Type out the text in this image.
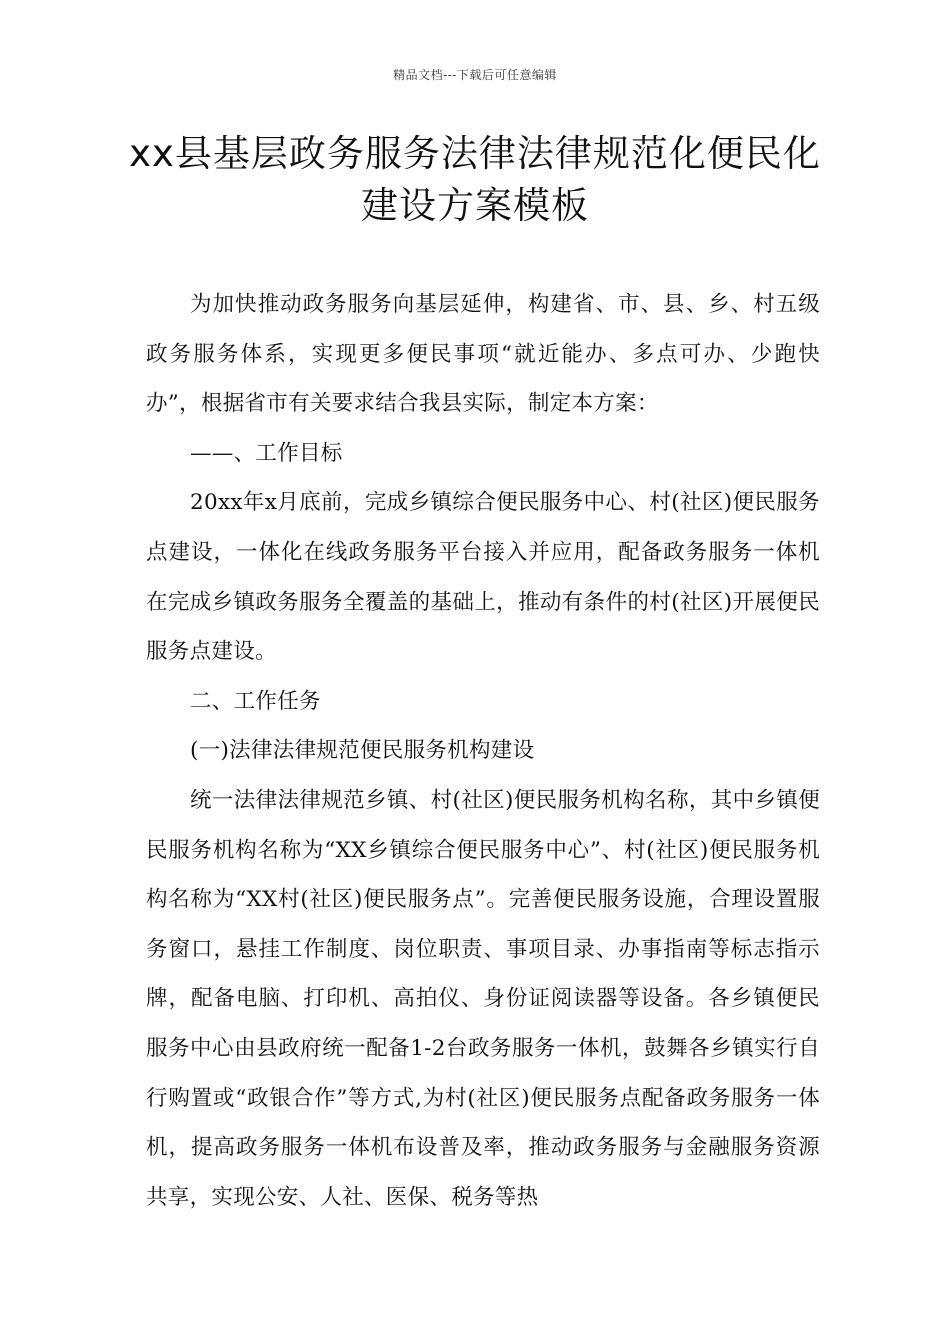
精品文档---下载后可任意编辑
xx县基层政务服务法律法律规范化便民化建设方案模板

为加快推动政务服务向基层延伸，构建省、市、县、乡、村五级政务服务体系，实现更多便民事项“就近能办、多点可办、少跑快办”，根据省市有关要求结合我县实际，制定本方案：

——、工作目标

20xx年x月底前，完成乡镇综合便民服务中心、村(社区)便民服务点建设，一体化在线政务服务平台接入并应用，配备政务服务一体机在完成乡镇政务服务全覆盖的基础上，推动有条件的村(社区)开展便民服务点建设。

二、工作任务

(一)法律法律规范便民服务机构建设

统一法律法律规范乡镇、村(社区)便民服务机构名称，其中乡镇便民服务机构名称为“XX乡镇综合便民服务中心”、村(社区)便民服务机构名称为“XX村(社区)便民服务点”。完善便民服务设施，合理设置服务窗口，悬挂工作制度、岗位职责、事项目录、办事指南等标志指示牌，配备电脑、打印机、高拍仪、身份证阅读器等设备。各乡镇便民服务中心由县政府统一配备1-2台政务服务一体机，鼓舞各乡镇实行自行购置或“政银合作”等方式,为村(社区)便民服务点配备政务服务一体机，提高政务服务一体机布设普及率，推动政务服务与金融服务资源共享，实现公安、人社、医保、税务等热
